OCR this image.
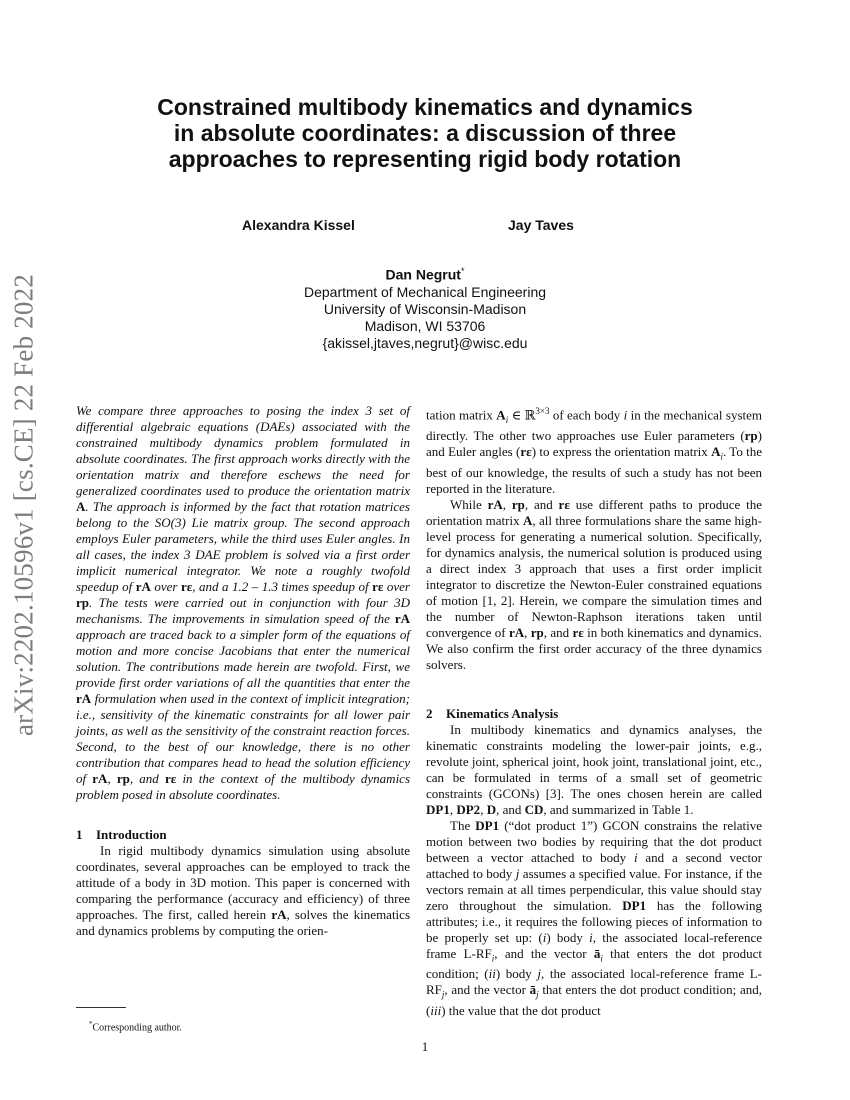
arXiv:2202.10596v1 [cs.CE] 22 Feb 2022
Constrained multibody kinematics and dynamics
in absolute coordinates: a discussion of three
approaches to representing rigid body rotation
Alexandra Kissel	Jay Taves
Dan Negrut*
Department of Mechanical Engineering
University of Wisconsin-Madison
Madison, WI 53706
{akissel,jtaves,negrut}@wisc.edu

We compare three approaches to posing the index 3 set of differential algebraic equations (DAEs) associated with the constrained multibody dynamics problem formulated in absolute coordinates. The first approach works directly with the orientation matrix and therefore eschews the need for generalized coordinates used to produce the orientation matrix A. The approach is informed by the fact that rotation matrices belong to the SO(3) Lie matrix group. The second approach employs Euler parameters, while the third uses Euler angles. In all cases, the index 3 DAE problem is solved via a first order implicit numerical integrator. We note a roughly twofold speedup of rA over rε, and a 1.2 – 1.3 times speedup of rε over rp. The tests were carried out in conjunction with four 3D mechanisms. The improvements in simulation speed of the rA approach are traced back to a simpler form of the equations of motion and more concise Jacobians that enter the numerical solution. The contributions made herein are twofold. First, we provide first order variations of all the quantities that enter the rA formulation when used in the context of implicit integration; i.e., sensitivity of the kinematic constraints for all lower pair joints, as well as the sensitivity of the constraint reaction forces. Second, to the best of our knowledge, there is no other contribution that compares head to head the solution efficiency of rA, rp, and rε in the context of the multibody dynamics problem posed in absolute coordinates.

1 Introduction

In rigid multibody dynamics simulation using absolute coordinates, several approaches can be employed to track the attitude of a body in 3D motion. This paper is concerned with comparing the performance (accuracy and efficiency) of three approaches. The first, called herein rA, solves the kinematics and dynamics problems by computing the orien-

tation matrix $A_i$ ∈ ℝ$^{3\times 3}$ of each body i in the mechanical system directly. The other two approaches use Euler parameters (rp) and Euler angles (rε) to express the orientation matrix $A_i$. To the best of our knowledge, the results of such a study has not been reported in the literature.

While rA, rp, and rε use different paths to produce the orientation matrix A, all three formulations share the same high-level process for generating a numerical solution. Specifically, for dynamics analysis, the numerical solution is produced using a direct index 3 approach that uses a first order implicit integrator to discretize the Newton-Euler constrained equations of motion [1, 2]. Herein, we compare the simulation times and the number of Newton-Raphson iterations taken until convergence of rA, rp, and rε in both kinematics and dynamics. We also confirm the first order accuracy of the three dynamics solvers.

2 Kinematics Analysis

In multibody kinematics and dynamics analyses, the kinematic constraints modeling the lower-pair joints, e.g., revolute joint, spherical joint, hook joint, translational joint, etc., can be formulated in terms of a small set of geometric constraints (GCONs) [3]. The ones chosen herein are called DP1, DP2, D, and CD, and summarized in Table 1.

The DP1 (“dot product 1”) GCON constrains the relative motion between two bodies by requiring that the dot product between a vector attached to body i and a second vector attached to body j assumes a specified value. For instance, if the vectors remain at all times perpendicular, this value should stay zero throughout the simulation. DP1 has the following attributes; i.e., it requires the following pieces of information to be properly set up: (i) body i, the associated local-reference frame $L-RF_i$, and the vector $ā_i$ that enters the dot product condition; (ii) body j, the associated local-reference frame $L-RF_j$, and the vector $ā_j$ that enters the dot product condition; and, (iii) the value that the dot product

*Corresponding author.
1
